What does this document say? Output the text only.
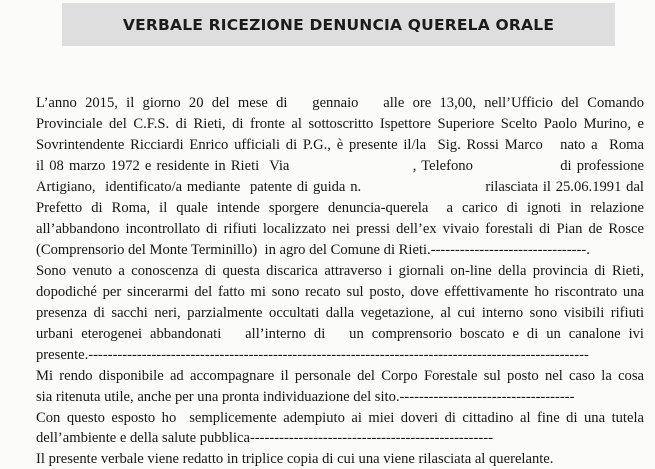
VERBALE RICEZIONE DENUNCIA QUERELA ORALE
L’anno 2015, il giorno 20 del mese di   gennaio   alle ore 13,00, nell’Ufficio del Comando
Provinciale del C.F.S. di Rieti, di fronte al sottoscritto Ispettore Superiore Scelto Paolo Murino, e
Sovrintendente Ricciardi Enrico ufficiali di P.G., è presente il/la  Sig. Rossi Marco   nato a  Roma
il 08 marzo 1972 e residente in Rieti  Via                        , Telefono                 di professione
Artigiano,  identificato/a mediante  patente di guida n.                          rilasciata il 25.06.1991 dal
Prefetto di Roma, il quale intende sporgere denuncia-querela  a carico di ignoti in relazione
all’abbandono incontrollato di rifiuti localizzato nei pressi dell’ex vivaio forestali di Pian de Rosce
(Comprensorio del Monte Terminillo)  in agro del Comune di Rieti.--------------------------------.
Sono venuto a conoscenza di questa discarica attraverso i giornali on-line della provincia di Rieti,
dopodiché per sincerarmi del fatto mi sono recato sul posto, dove effettivamente ho riscontrato una
presenza di sacchi neri, parzialmente occultati dalla vegetazione, al cui interno sono visibili rifiuti
urbani eterogenei abbandonati   all’interno di   un comprensorio boscato e di un canalone ivi
presente.-------------------------------------------------------------------------------------------------------
Mi rendo disponibile ad accompagnare il personale del Corpo Forestale sul posto nel caso la cosa
sia ritenuta utile, anche per una pronta individuazione del sito.------------------------------------
Con questo esposto ho  semplicemente adempiuto ai miei doveri di cittadino al fine di una tutela
dell’ambiente e della salute pubblica--------------------------------------------------
Il presente verbale viene redatto in triplice copia di cui una viene rilasciata al querelante.
